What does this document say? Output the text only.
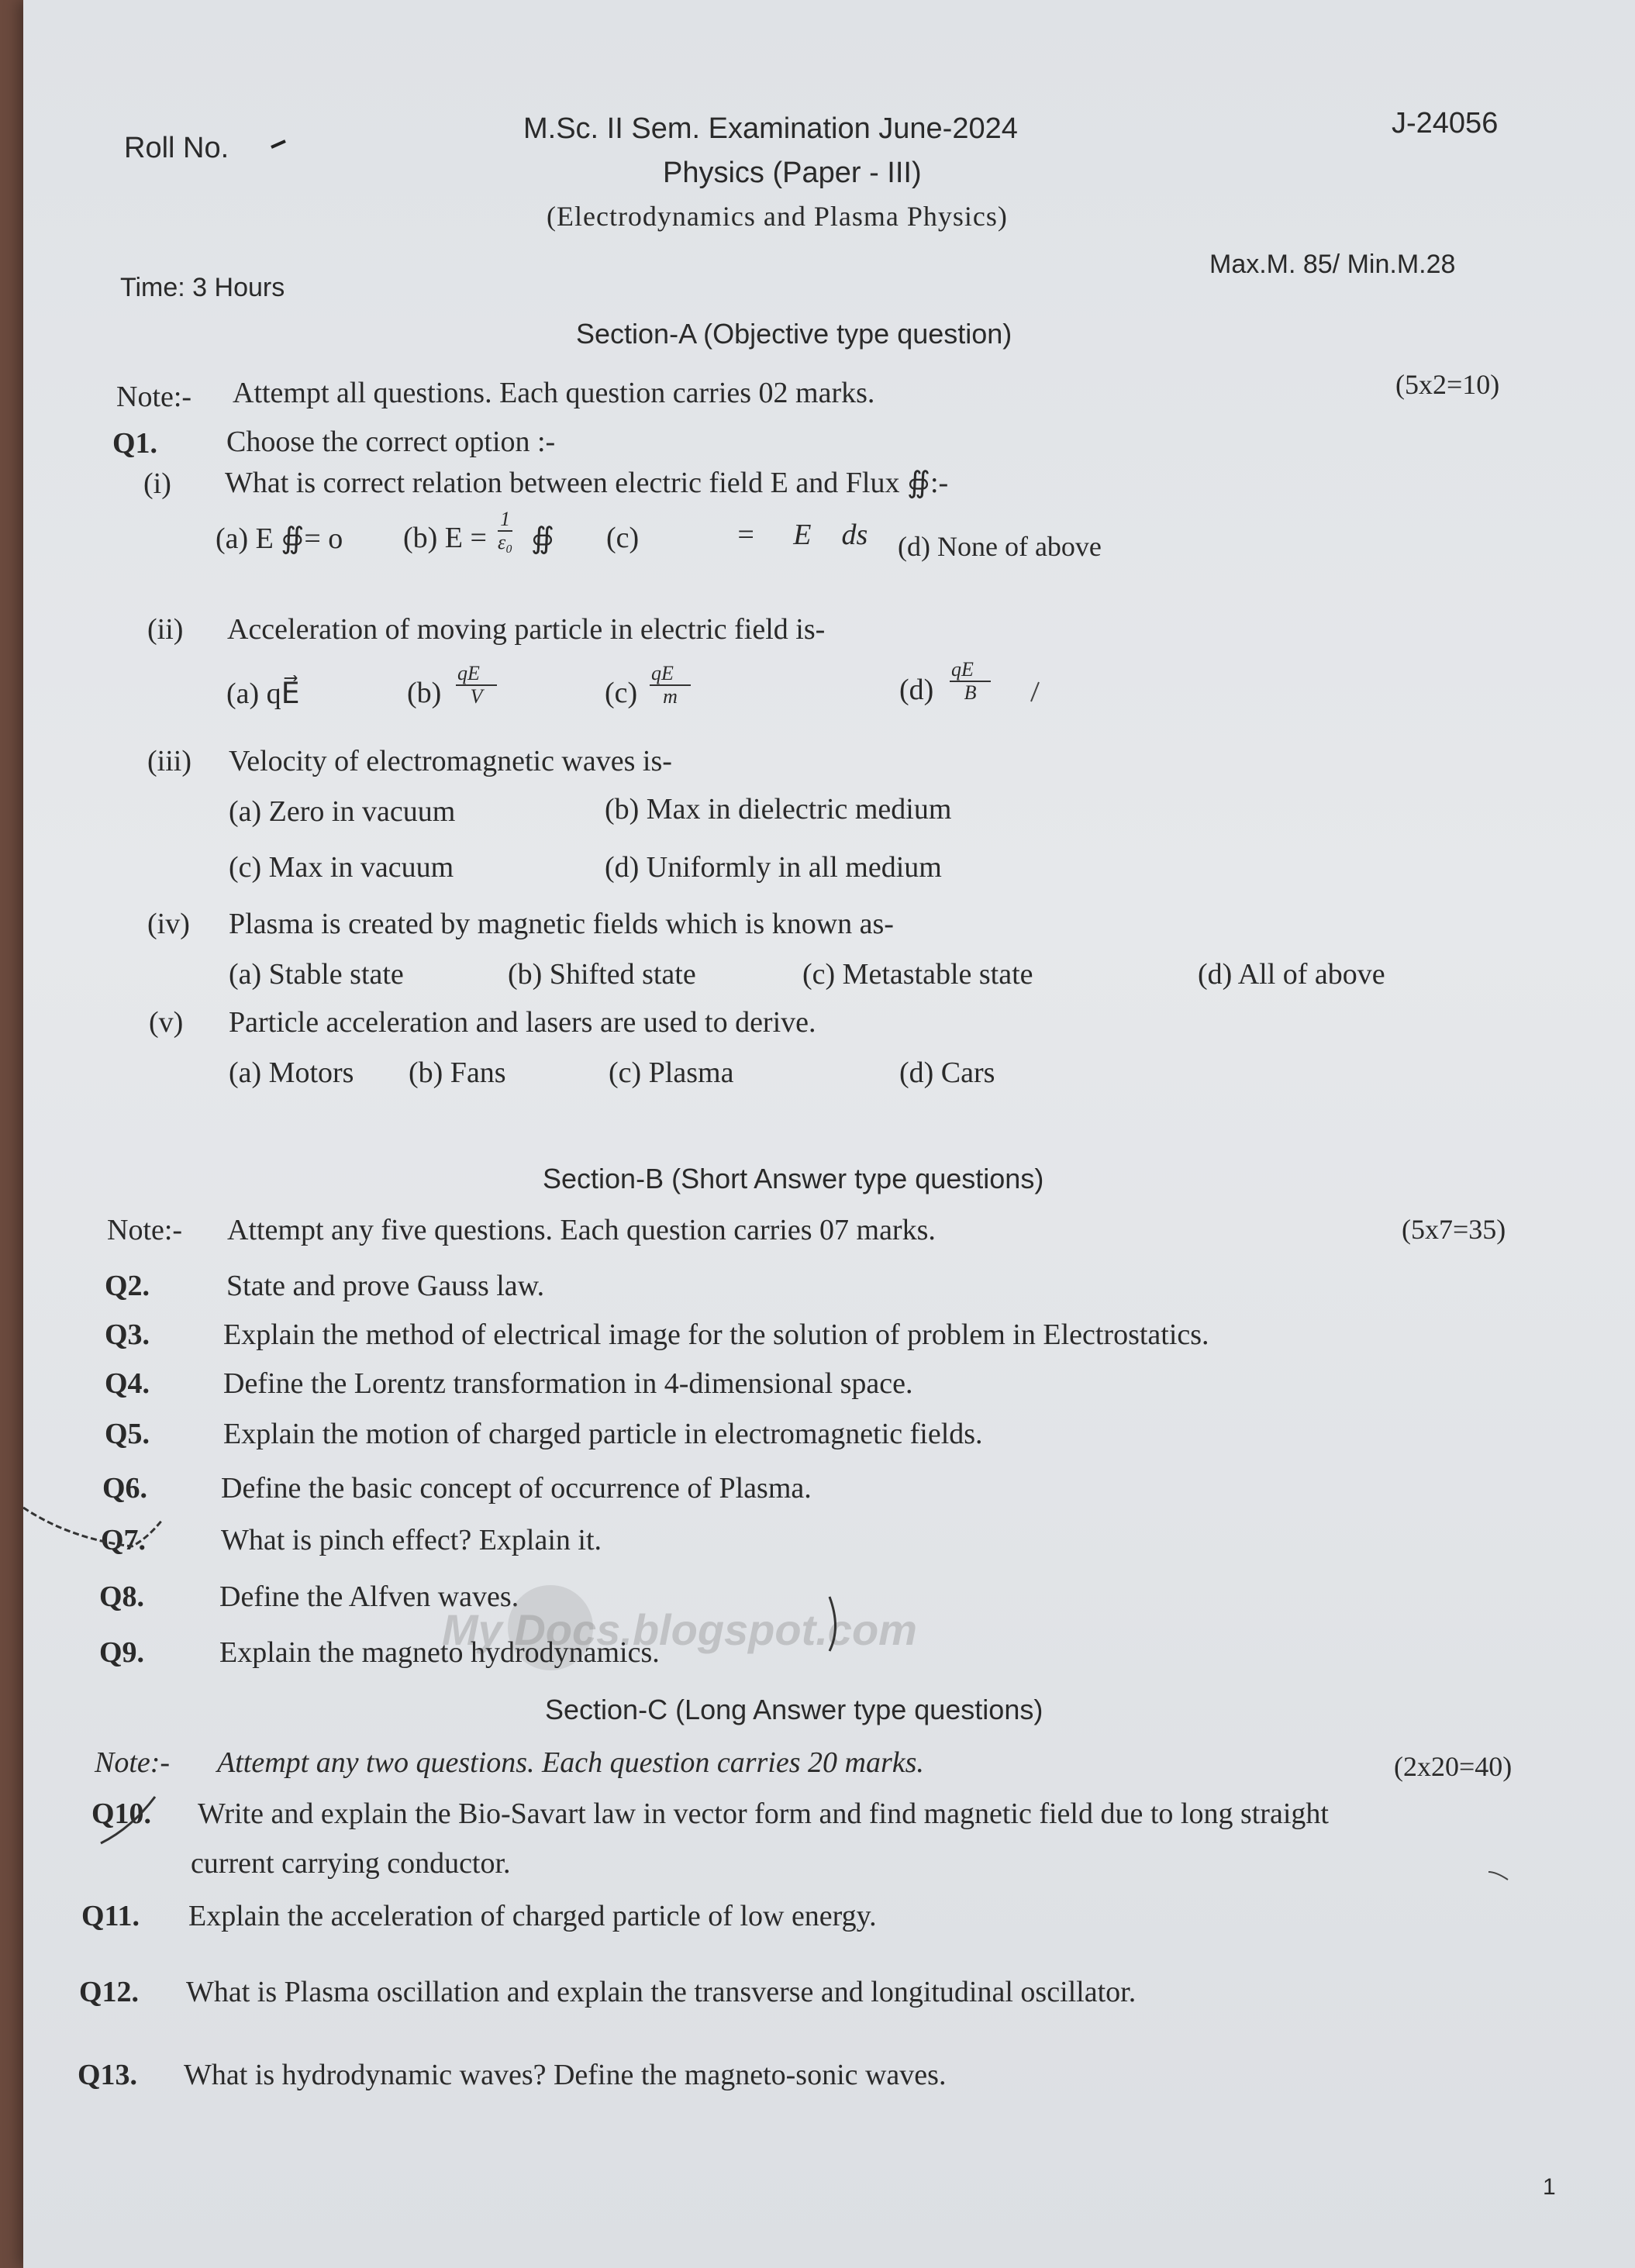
Roll No.
M.Sc. II Sem. Examination June-2024
Physics (Paper - III)
(Electrodynamics and Plasma Physics)
J-24056
Time: 3 Hours
Max.M. 85/ Min.M.28
Section-A (Objective type question)
Note:- Attempt all questions. Each question carries 02 marks.	(5x2=10)
Q1. Choose the correct option :-
(i) What is correct relation between electric field E and Flux ∯:-
(a) E ∯= o (b) $E = \frac{1}{\text{ε₀}}$ ∯ (c) ∯ = ∮ E⃗ ds⃗ (d) None of above
(ii) Acceleration of moving particle in electric field is-
(a) qE⃗	$(b) \frac{qE⃗}{V}$	$(c) \frac{qE⃗}{m}$	$(d) \frac{qE⃗}{B}$
(iii) Velocity of electromagnetic waves is-
(a) Zero in vacuum	(b) Max in dielectric medium
(c) Max in vacuum	(d) Uniformly in all medium
(iv) Plasma is created by magnetic fields which is known as-
(a) Stable state	(b) Shifted state	(c) Metastable state	(d) All of above
(v) Particle acceleration and lasers are used to derive.
(a) Motors (b) Fans	(c) Plasma	(d) Cars
Section-B (Short Answer type questions)
Note:- Attempt any five questions. Each question carries 07 marks.	(5x7=35)
Q2.	State and prove Gauss law.
Q3. Explain the method of electrical image for the solution of problem in Electrostatics.
Q4. Define the Lorentz transformation in 4-dimensional space.
Q5. Explain the motion of charged particle in electromagnetic fields.
Q6. Define the basic concept of occurrence of Plasma.
Q7.	What is pinch effect? Explain it.
Q8.	Define the Alfven waves.
My Docs.blogspot.com
Q9.	Explain the magneto hydrodynamics.
Section-C (Long Answer type questions)
Note:- Attempt any two questions. Each question carries 20 marks.	(2x20=40)
Q10. Write and explain the Bio-Savart law in vector form and find magnetic field due to long straight
current carrying conductor.
Q11. Explain the acceleration of charged particle of low energy.
Q12. What is Plasma oscillation and explain the transverse and longitudinal oscillator.
Q13. What is hydrodynamic waves? Define the magneto-sonic waves.
1
